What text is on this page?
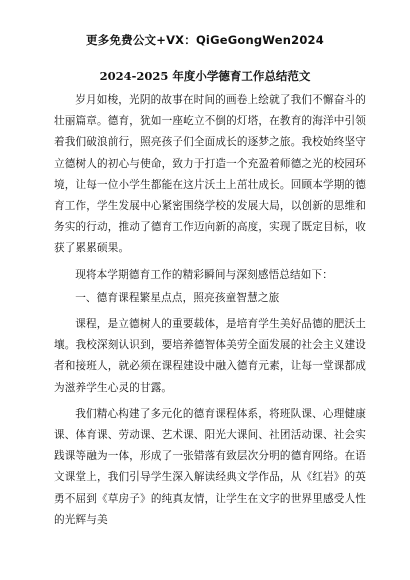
更多免费公文+VX：QiGeGongWen2024
2024-2025 年度小学德育工作总结范文

岁月如梭，光阴的故事在时间的画卷上绘就了我们不懈奋斗的壮丽篇章。德育，犹如一座屹立不倒的灯塔，在教育的海洋中引领着我们破浪前行，照亮孩子们全面成长的逐梦之旅。我校始终坚守立德树人的初心与使命，致力于打造一个充盈着师德之光的校园环境，让每一位小学生都能在这片沃土上茁壮成长。回顾本学期的德育工作，学生发展中心紧密围绕学校的发展大局，以创新的思维和务实的行动，推动了德育工作迈向新的高度，实现了既定目标，收获了累累硕果。

现将本学期德育工作的精彩瞬间与深刻感悟总结如下：

一、德育课程繁星点点，照亮孩童智慧之旅

课程，是立德树人的重要载体，是培育学生美好品德的肥沃土壤。我校深刻认识到，要培养德智体美劳全面发展的社会主义建设者和接班人，就必须在课程建设中融入德育元素，让每一堂课都成为滋养学生心灵的甘露。

我们精心构建了多元化的德育课程体系，将班队课、心理健康课、体育课、劳动课、艺术课、阳光大课间、社团活动课、社会实践课等融为一体，形成了一张错落有致层次分明的德育网络。在语文课堂上，我们引导学生深入解读经典文学作品，从《红岩》的英勇不屈到《草房子》的纯真友情，让学生在文字的世界里感受人性的光辉与美
